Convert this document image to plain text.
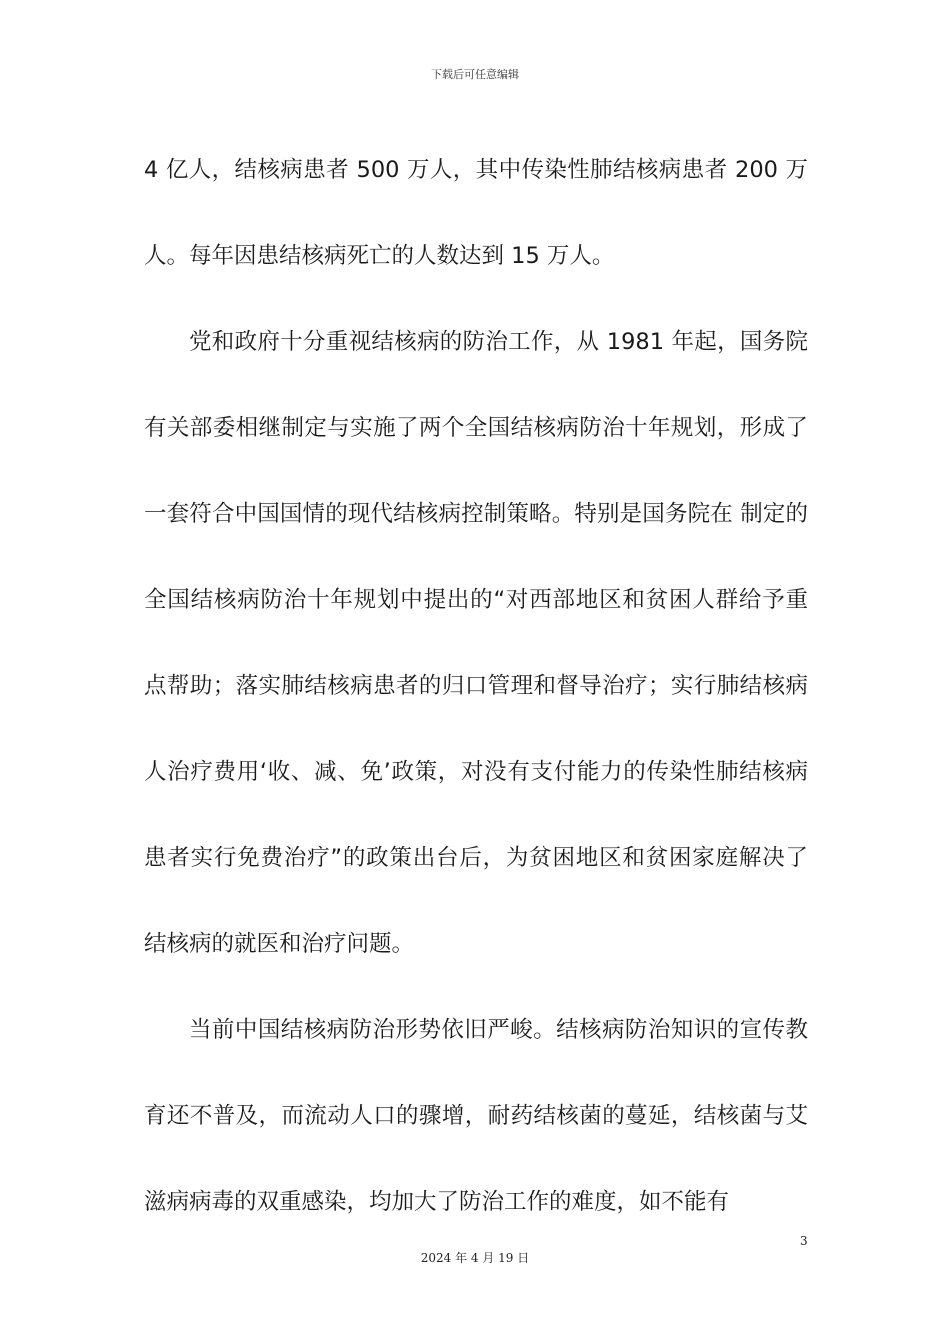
下载后可任意编辑

4 亿人，结核病患者 500 万人，其中传染性肺结核病患者 200 万人。每年因患结核病死亡的人数达到 15 万人。

党和政府十分重视结核病的防治工作，从 1981 年起，国务院有关部委相继制定与实施了两个全国结核病防治十年规划，形成了一套符合中国国情的现代结核病控制策略。特别是国务院在 制定的全国结核病防治十年规划中提出的“对西部地区和贫困人群给予重点帮助；落实肺结核病患者的归口管理和督导治疗；实行肺结核病人治疗费用‘收、减、免’政策，对没有支付能力的传染性肺结核病患者实行免费治疗”的政策出台后，为贫困地区和贫困家庭解决了结核病的就医和治疗问题。

当前中国结核病防治形势依旧严峻。结核病防治知识的宣传教育还不普及，而流动人口的骤增，耐药结核菌的蔓延，结核菌与艾滋病病毒的双重感染，均加大了防治工作的难度，如不能有

3
2024 年 4 月 19 日
